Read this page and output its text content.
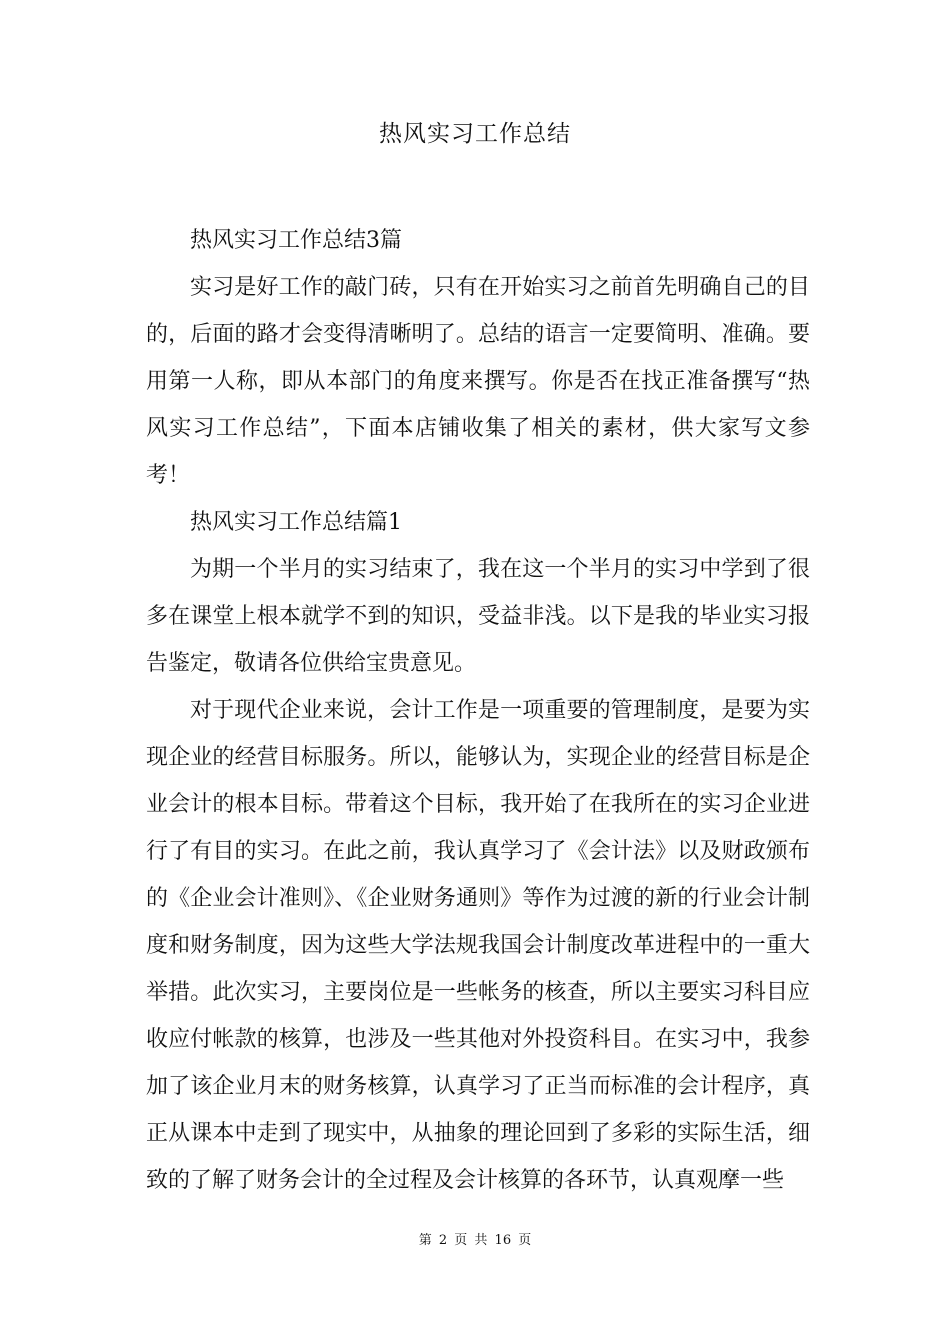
热风实习工作总结

热风实习工作总结3篇

实习是好工作的敲门砖，只有在开始实习之前首先明确自己的目的，后面的路才会变得清晰明了。总结的语言一定要简明、准确。要用第一人称，即从本部门的角度来撰写。你是否在找正准备撰写“热风实习工作总结”，下面本店铺收集了相关的素材，供大家写文参考！

热风实习工作总结篇1

为期一个半月的实习结束了，我在这一个半月的实习中学到了很多在课堂上根本就学不到的知识，受益非浅。以下是我的毕业实习报告鉴定，敬请各位供给宝贵意见。

对于现代企业来说，会计工作是一项重要的管理制度，是要为实现企业的经营目标服务。所以，能够认为，实现企业的经营目标是企业会计的根本目标。带着这个目标，我开始了在我所在的实习企业进行了有目的实习。在此之前，我认真学习了《会计法》以及财政颁布的《企业会计准则》、《企业财务通则》等作为过渡的新的行业会计制度和财务制度，因为这些大学法规我国会计制度改革进程中的一重大举措。此次实习，主要岗位是一些帐务的核查，所以主要实习科目应收应付帐款的核算，也涉及一些其他对外投资科目。在实习中，我参加了该企业月末的财务核算，认真学习了正当而标准的会计程序，真正从课本中走到了现实中，从抽象的理论回到了多彩的实际生活，细致的了解了财务会计的全过程及会计核算的各环节，认真观摩一些

第 2 页 共 16 页
